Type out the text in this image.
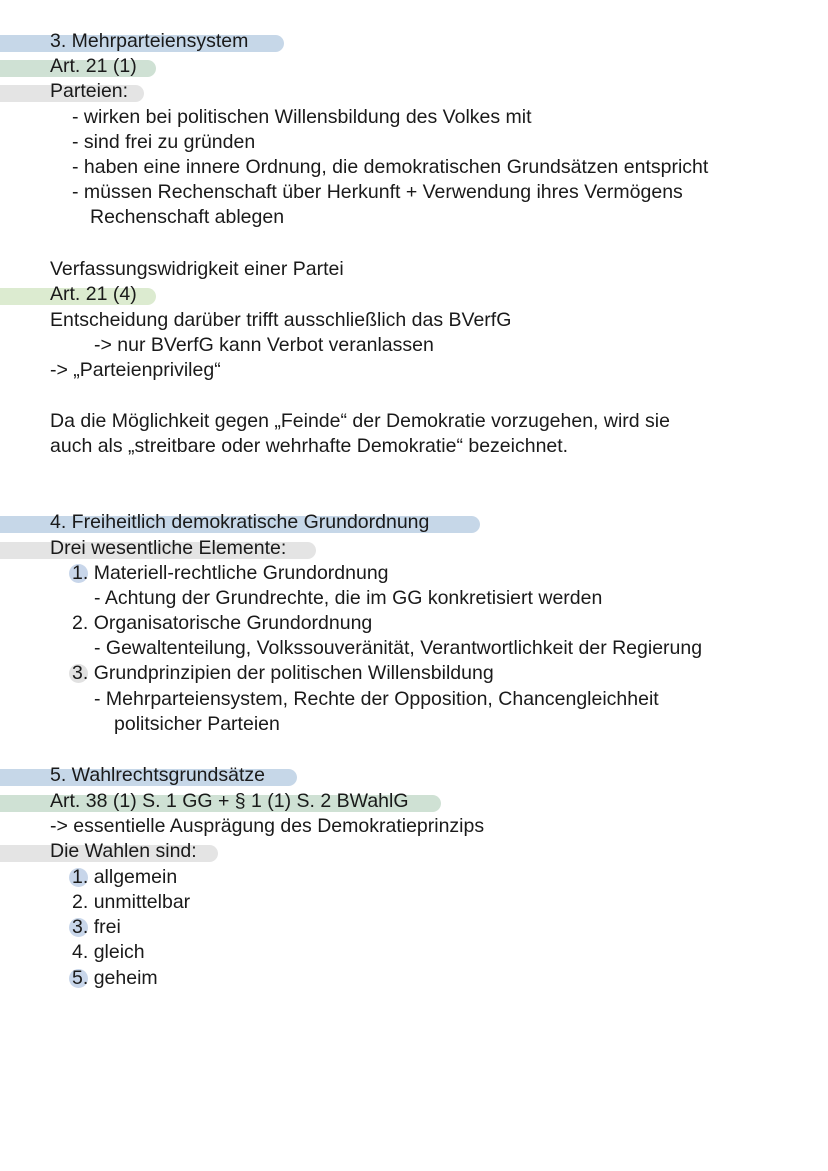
3. Mehrparteiensystem
Art. 21 (1)
Parteien:
- wirken bei politischen Willensbildung des Volkes mit
- sind frei zu gründen
- haben eine innere Ordnung, die demokratischen Grundsätzen entspricht
- müssen Rechenschaft über Herkunft + Verwendung ihres Vermögens
Rechenschaft ablegen
Verfassungswidrigkeit einer Partei
Art. 21 (4)
Entscheidung darüber trifft ausschließlich das BVerfG
-> nur BVerfG kann Verbot veranlassen
-> „Parteienprivileg“
Da die Möglichkeit gegen „Feinde“ der Demokratie vorzugehen, wird sie
auch als „streitbare oder wehrhafte Demokratie“ bezeichnet.
4. Freiheitlich demokratische Grundordnung
Drei wesentliche Elemente:
1. Materiell-rechtliche Grundordnung
- Achtung der Grundrechte, die im GG konkretisiert werden
2. Organisatorische Grundordnung
- Gewaltenteilung, Volkssouveränität, Verantwortlichkeit der Regierung
3. Grundprinzipien der politischen Willensbildung
- Mehrparteiensystem, Rechte der Opposition, Chancengleichheit
politsicher Parteien
5. Wahlrechtsgrundsätze
Art. 38 (1) S. 1 GG + § 1 (1) S. 2 BWahlG
-> essentielle Ausprägung des Demokratieprinzips
Die Wahlen sind:
1. allgemein
2. unmittelbar
3. frei
4. gleich
5. geheim
